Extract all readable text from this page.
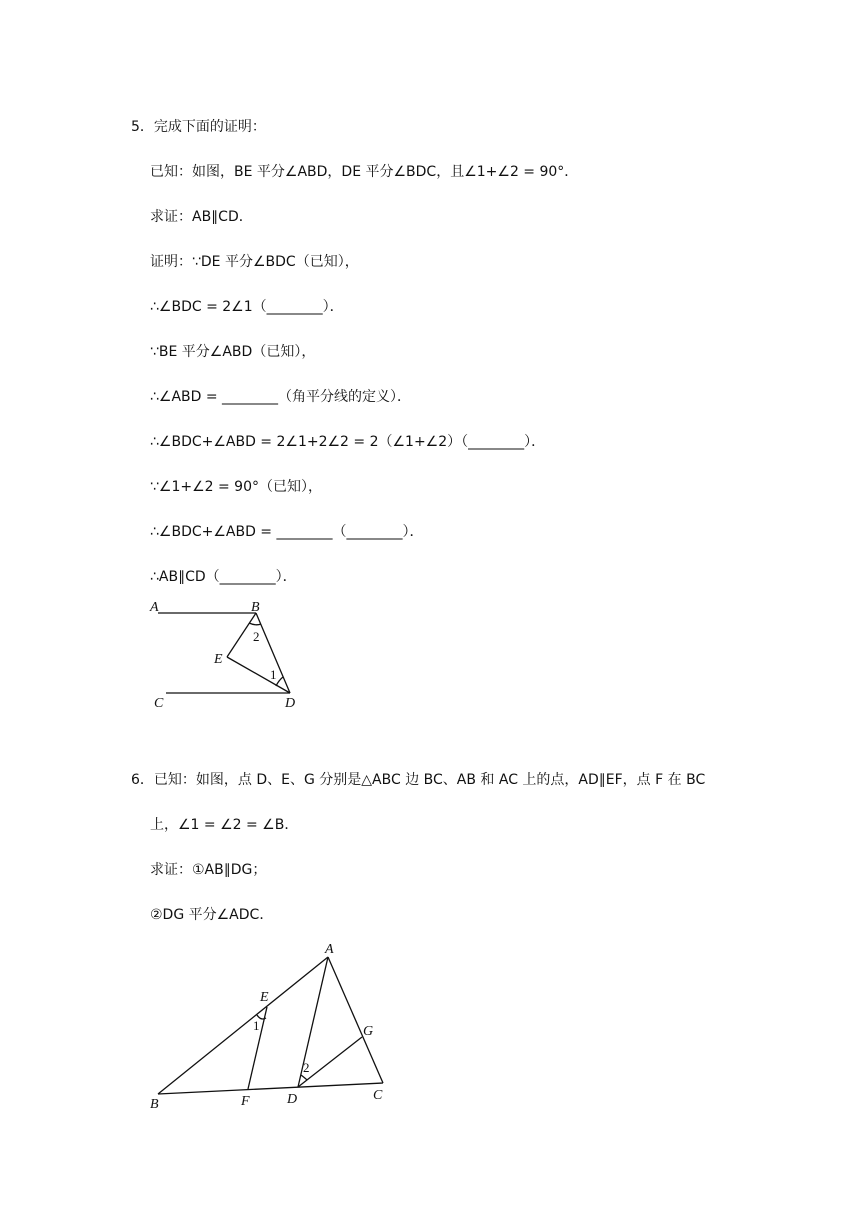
5．完成下面的证明：
已知：如图，BE 平分∠ABD，DE 平分∠BDC，且∠1+∠2 = 90°．
求证：AB∥CD．
证明：∵DE 平分∠BDC（已知），
∴∠BDC = 2∠1（________）．
∵BE 平分∠ABD（已知），
∴∠ABD = ________（角平分线的定义）．
∴∠BDC+∠ABD = 2∠1+2∠2 = 2（∠1+∠2）（________）．
∵∠1+∠2 = 90°（已知），
∴∠BDC+∠ABD = ________（________）．
∴AB∥CD（________）．
A	B
C	D
E
2
1
6．已知：如图，点 D、E、G 分别是△ABC 边 BC、AB 和 AC 上的点，AD∥EF，点 F 在 BC
上，∠1 = ∠2 = ∠B．
求证：①AB∥DG；
②DG 平分∠ADC．
A
B
C
D
E
F
G
1
2
